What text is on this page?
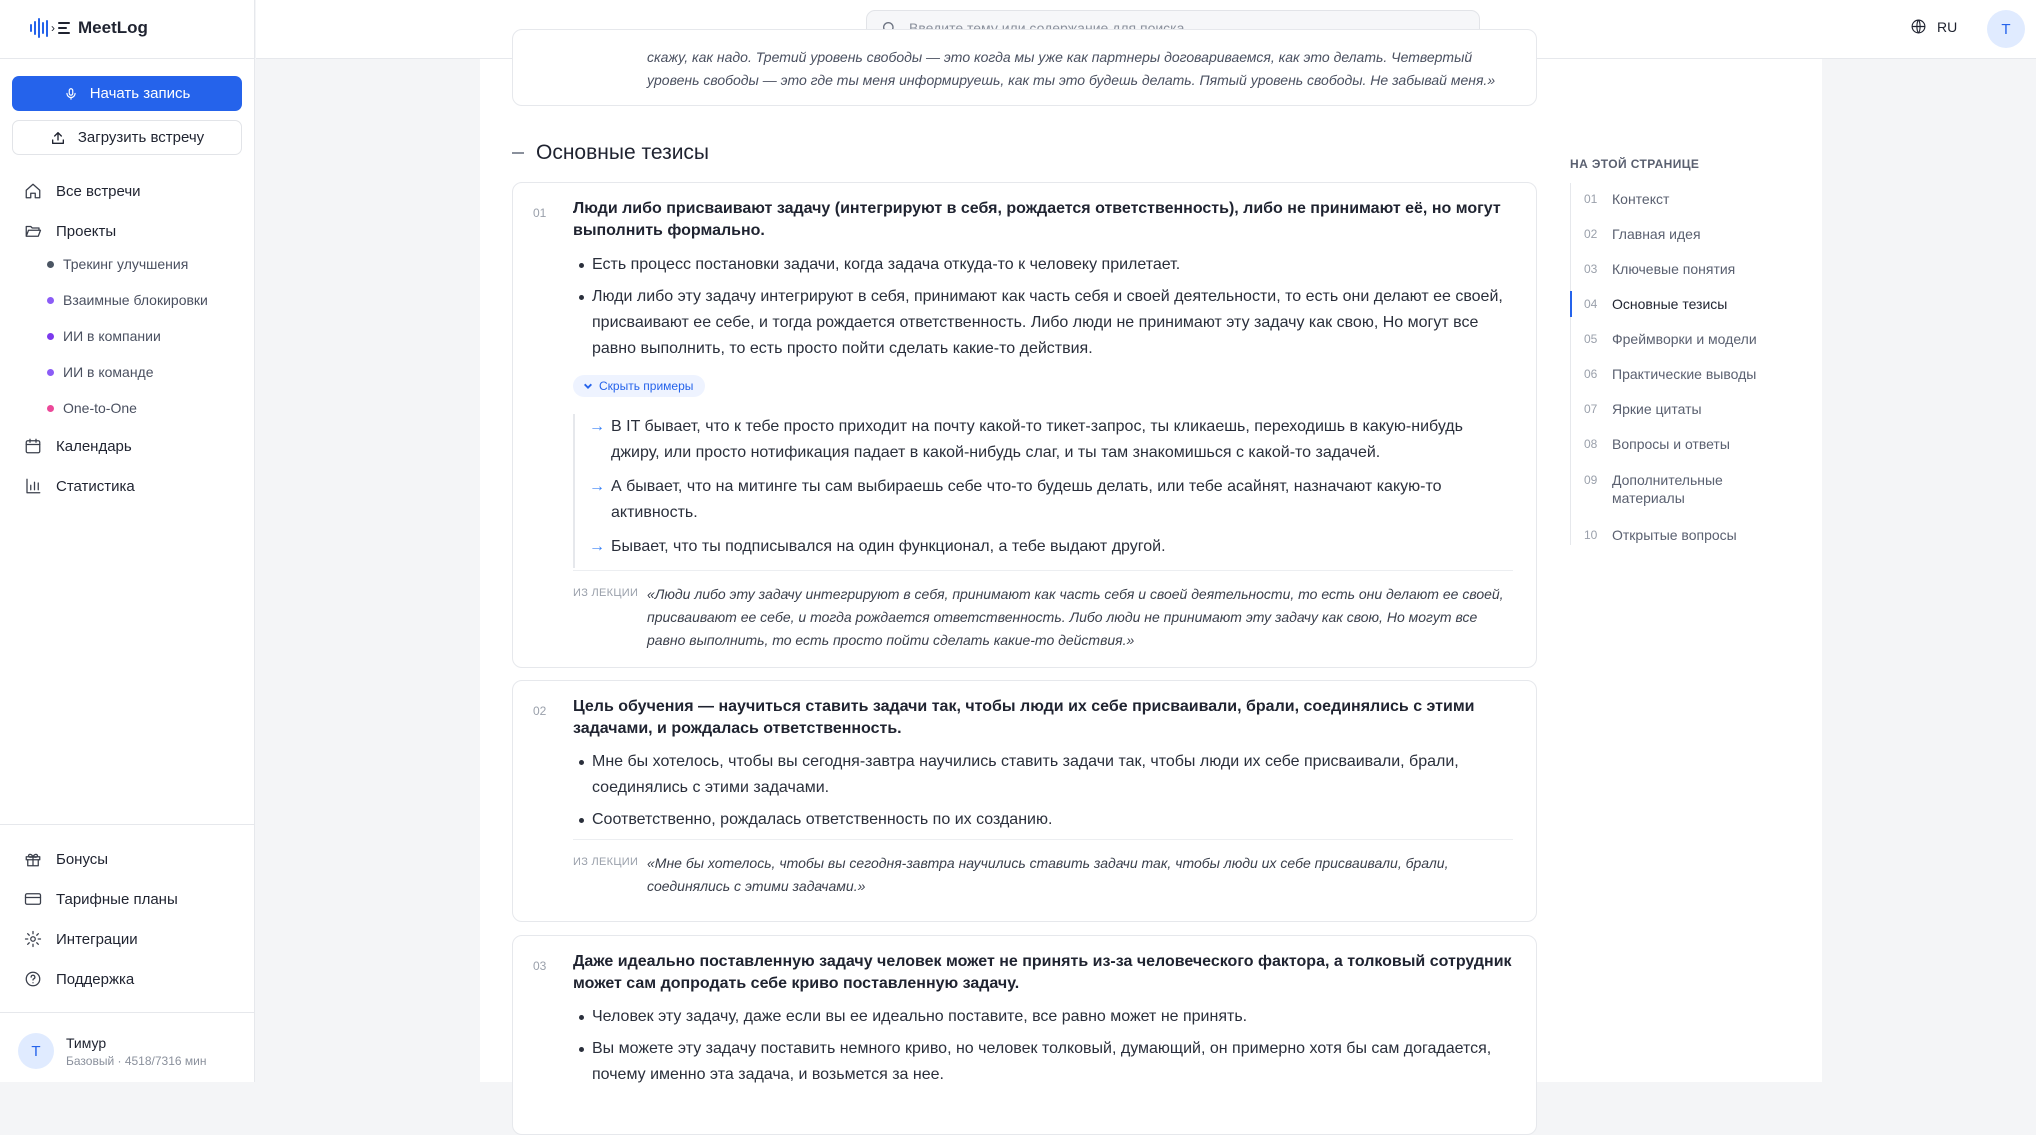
› MeetLog
Начать запись
Загрузить встречу
Все встречи
Проекты
Трекинг улучшения
Взаимные блокировки
ИИ в компании
ИИ в команде
One-to-One
Календарь
Статистика
Бонусы
Тарифные планы
Интеграции
Поддержка
Т	Тимур
Базовый · 4518/7316 мин
Введите тему или содержание для поиска...
RU	Т
скажу, как надо. Третий уровень свободы — это когда мы уже как партнеры договариваемся, как это делать. Четвертый уровень свободы — это где ты меня информируешь, как ты это будешь делать. Пятый уровень свободы. Не забывай меня.»
Основные тезисы
01 Люди либо присваивают задачу (интегрируют в себя, рождается ответственность), либо не принимают её, но могут выполнить формально.
Есть процесс постановки задачи, когда задача откуда-то к человеку прилетает.
Люди либо эту задачу интегрируют в себя, принимают как часть себя и своей деятельности, то есть они делают ее своей, присваивают ее себе, и тогда рождается ответственность. Либо люди не принимают эту задачу как свою, Но могут все равно выполнить, то есть просто пойти сделать какие-то действия.
Скрыть примеры
→ В IT бывает, что к тебе просто приходит на почту какой-то тикет-запрос, ты кликаешь, переходишь в какую-нибудь джиру, или просто нотификация падает в какой-нибудь слаг, и ты там знакомишься с какой-то задачей.
→ А бывает, что на митинге ты сам выбираешь себе что-то будешь делать, или тебе асайнят, назначают какую-то активность.
→ Бывает, что ты подписывался на один функционал, а тебе выдают другой.
ИЗ ЛЕКЦИИ «Люди либо эту задачу интегрируют в себя, принимают как часть себя и своей деятельности, то есть они делают ее своей, присваивают ее себе, и тогда рождается ответственность. Либо люди не принимают эту задачу как свою, Но могут все равно выполнить, то есть просто пойти сделать какие-то действия.»
02 Цель обучения — научиться ставить задачи так, чтобы люди их себе присваивали, брали, соединялись с этими задачами, и рождалась ответственность.
Мне бы хотелось, чтобы вы сегодня-завтра научились ставить задачи так, чтобы люди их себе присваивали, брали, соединялись с этими задачами.
Соответственно, рождалась ответственность по их созданию.
ИЗ ЛЕКЦИИ «Мне бы хотелось, чтобы вы сегодня-завтра научились ставить задачи так, чтобы люди их себе присваивали, брали, соединялись с этими задачами.»
03 Даже идеально поставленную задачу человек может не принять из-за человеческого фактора, а толковый сотрудник может сам допродать себе криво поставленную задачу.
Человек эту задачу, даже если вы ее идеально поставите, все равно может не принять.
Вы можете эту задачу поставить немного криво, но человек толковый, думающий, он примерно хотя бы сам догадается, почему именно эта задача, и возьмется за нее.
НА ЭТОЙ СТРАНИЦЕ
01 Контекст
02 Главная идея
03 Ключевые понятия
04 Основные тезисы
05 Фреймворки и модели
06 Практические выводы
07 Яркие цитаты
08 Вопросы и ответы
09 Дополнительные материалы
10 Открытые вопросы
